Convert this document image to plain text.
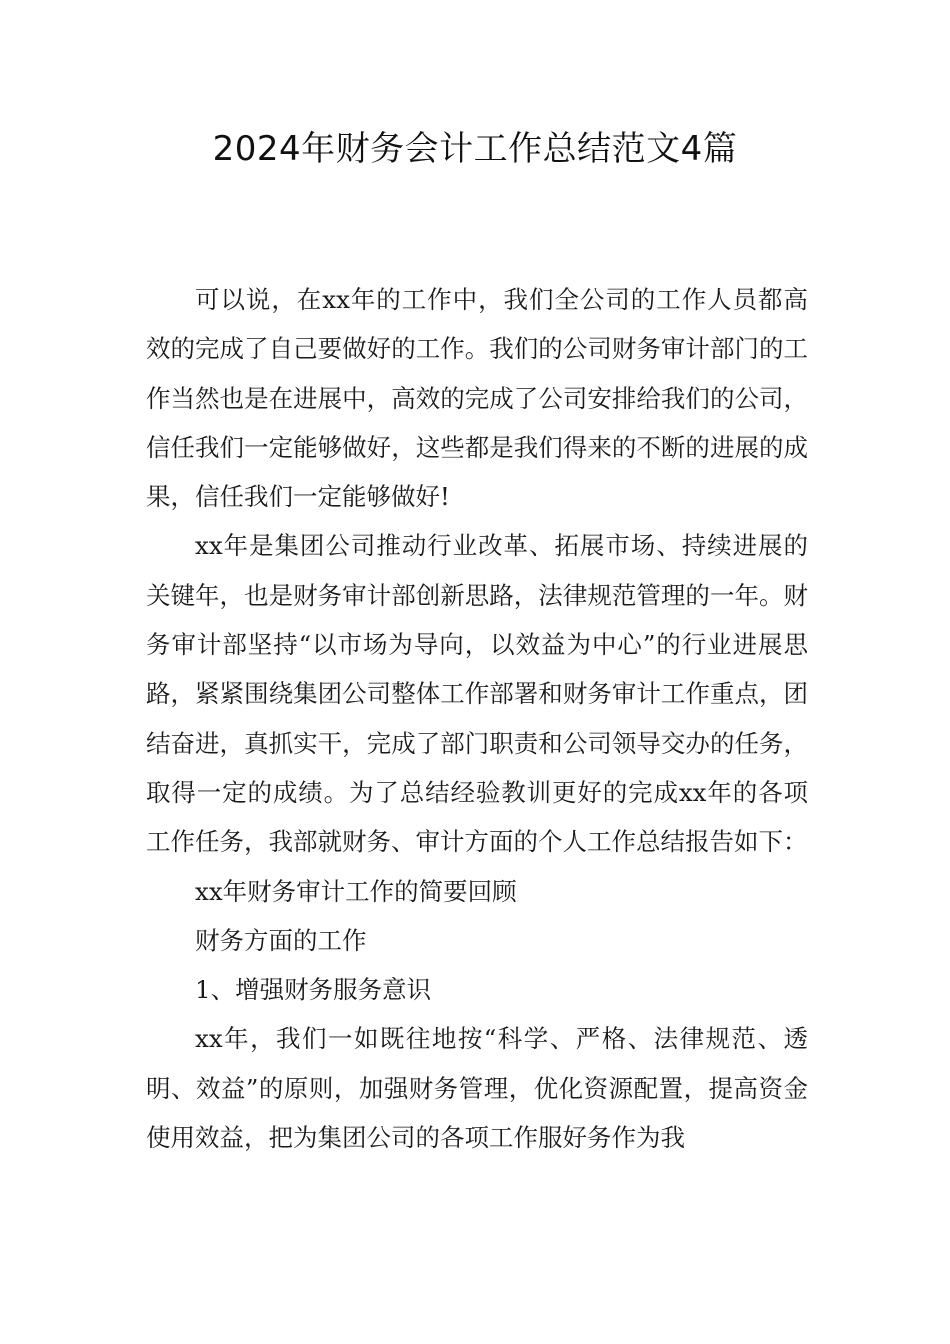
2024年财务会计工作总结范文4篇

可以说，在xx年的工作中，我们全公司的工作人员都高效的完成了自己要做好的工作。我们的公司财务审计部门的工作当然也是在进展中，高效的完成了公司安排给我们的公司，信任我们一定能够做好，这些都是我们得来的不断的进展的成果，信任我们一定能够做好!

xx年是集团公司推动行业改革、拓展市场、持续进展的关键年，也是财务审计部创新思路，法律规范管理的一年。财务审计部坚持“以市场为导向，以效益为中心”的行业进展思路，紧紧围绕集团公司整体工作部署和财务审计工作重点，团结奋进，真抓实干，完成了部门职责和公司领导交办的任务，取得一定的成绩。为了总结经验教训更好的完成xx年的各项工作任务，我部就财务、审计方面的个人工作总结报告如下：

xx年财务审计工作的简要回顾

财务方面的工作

1、增强财务服务意识

xx年，我们一如既往地按“科学、严格、法律规范、透明、效益”的原则，加强财务管理，优化资源配置，提高资金使用效益，把为集团公司的各项工作服好务作为我
